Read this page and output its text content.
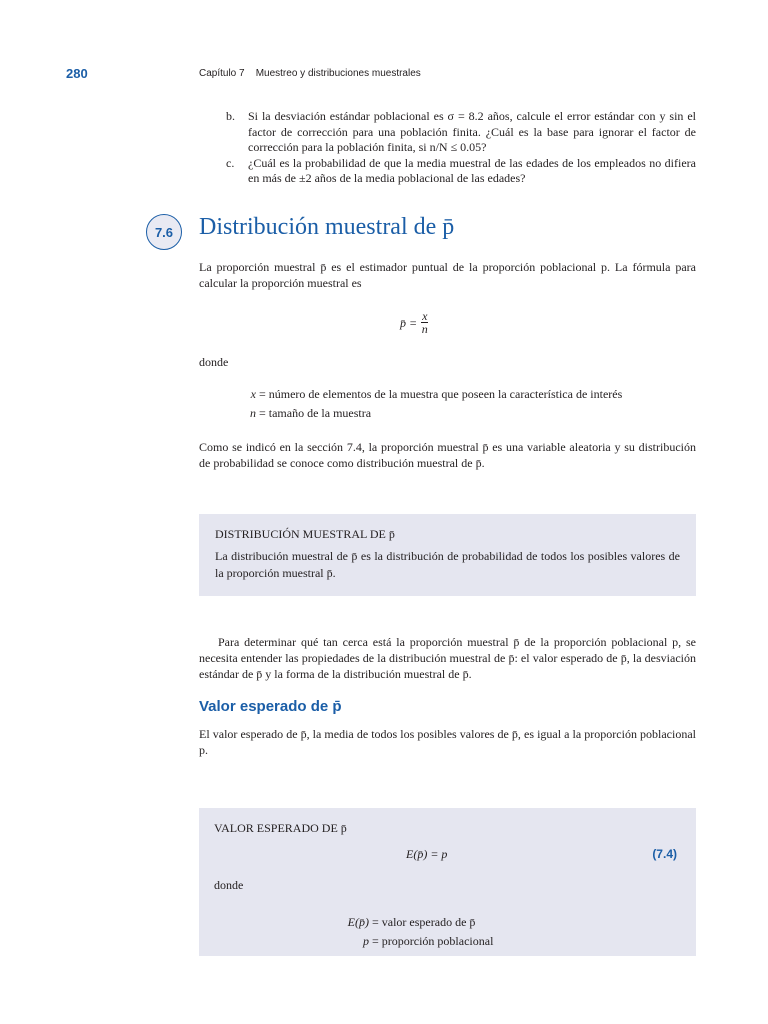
280	Capítulo 7    Muestreo y distribuciones muestrales
b.	Si la desviación estándar poblacional es σ = 8.2 años, calcule el error estándar con y sin el factor de corrección para una población finita. ¿Cuál es la base para ignorar el factor de corrección para la población finita, si n/N ≤ 0.05?
c.	¿Cuál es la probabilidad de que la media muestral de las edades de los empleados no difiera en más de ±2 años de la media poblacional de las edades?
7.6	Distribución muestral de p̄
La proporción muestral p̄ es el estimador puntual de la proporción poblacional p. La fórmula para calcular la proporción muestral es
p̄ = $\frac{x}{n}$
donde
x = número de elementos de la muestra que poseen la característica de interés
n = tamaño de la muestra
Como se indicó en la sección 7.4, la proporción muestral p̄ es una variable aleatoria y su distribución de probabilidad se conoce como distribución muestral de p̄.
DISTRIBUCIÓN MUESTRAL DE p̄
La distribución muestral de p̄ es la distribución de probabilidad de todos los posibles valores de la proporción muestral p̄.
Para determinar qué tan cerca está la proporción muestral p̄ de la proporción poblacional p, se necesita entender las propiedades de la distribución muestral de p̄: el valor esperado de p̄, la desviación estándar de p̄ y la forma de la distribución muestral de p̄.
Valor esperado de p̄
El valor esperado de p̄, la media de todos los posibles valores de p̄, es igual a la proporción poblacional p.
VALOR ESPERADO DE p̄
E(p̄) = p	(7.4)
donde
E(p̄) = valor esperado de p̄
p = proporción poblacional
